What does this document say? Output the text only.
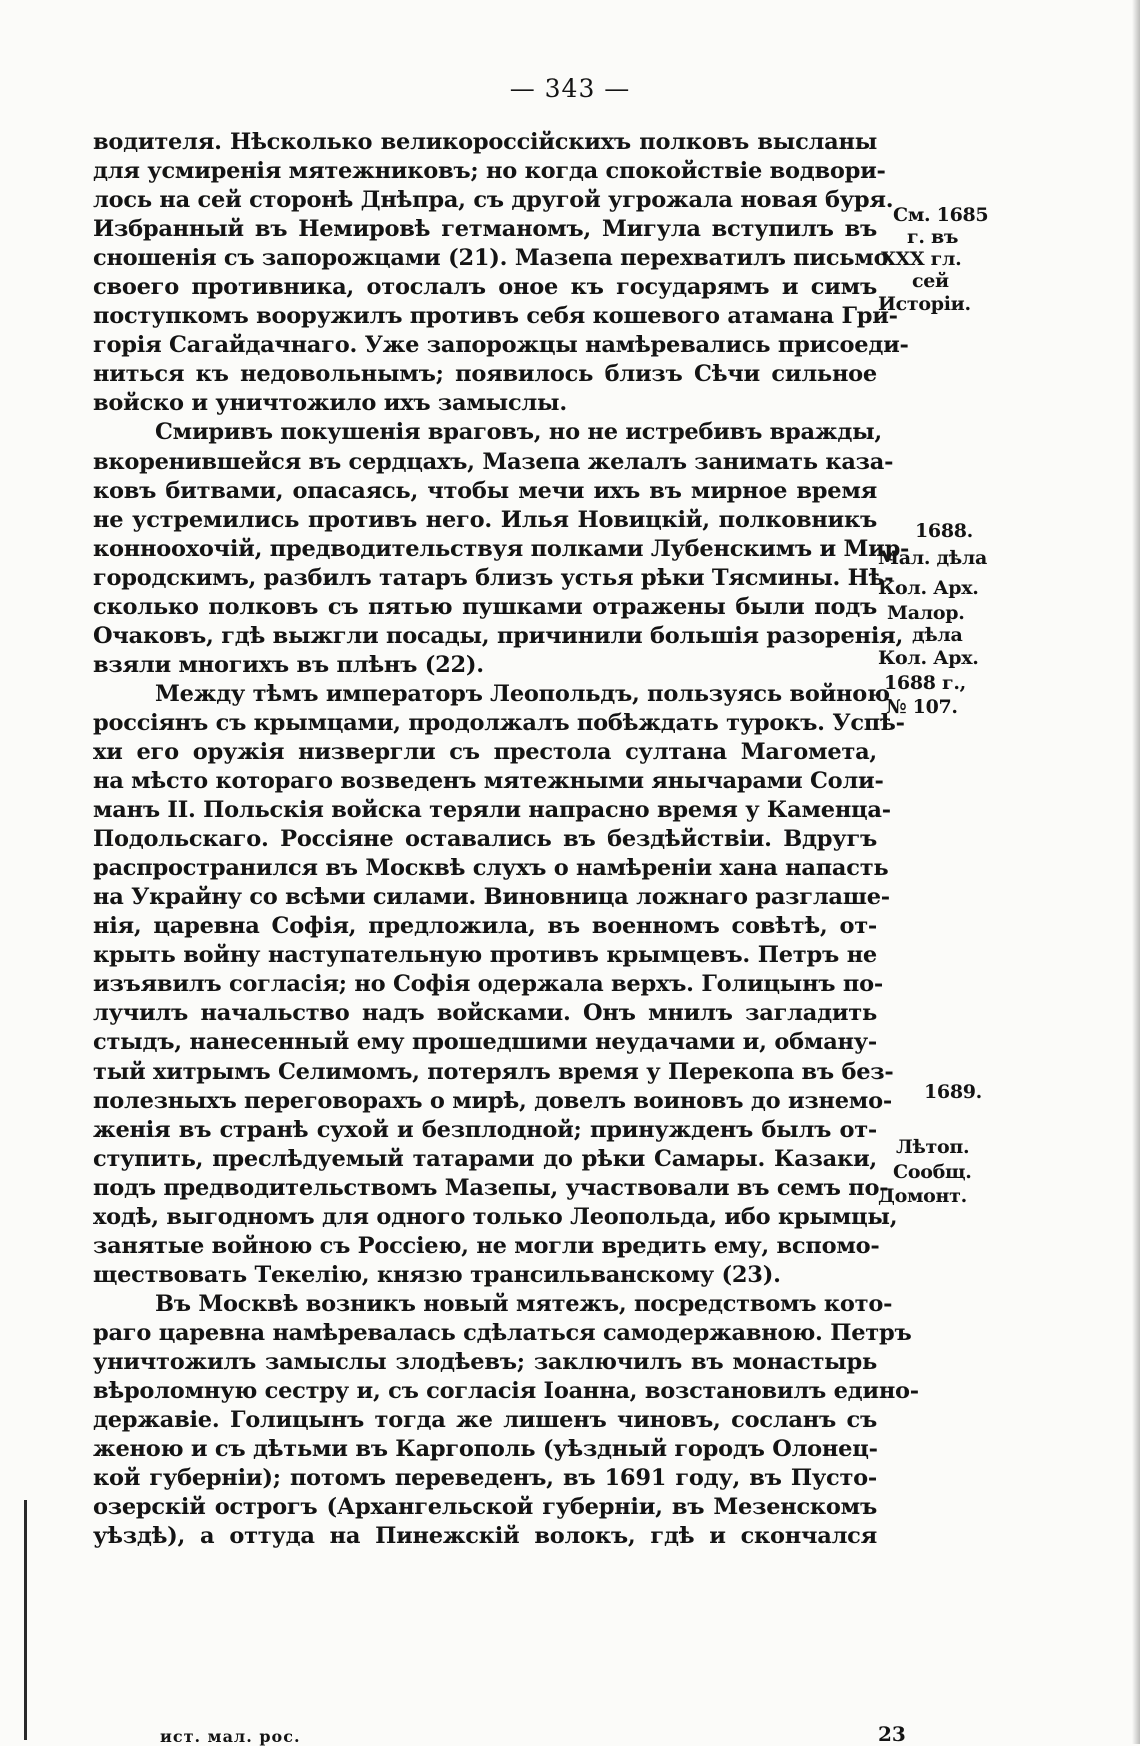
— 343 —
водителя. Нѣсколько великороссійскихъ полковъ высланы
для усмиренія мятежниковъ; но когда спокойствіе водвори-
лось на сей сторонѣ Днѣпра, съ другой угрожала новая буря.
Избранный въ Немировѣ гетманомъ, Мигула вступилъ въ
сношенія съ запорожцами (21). Мазепа перехватилъ письмо
своего противника, отослалъ оное къ государямъ и симъ
поступкомъ вооружилъ противъ себя кошевого атамана Гри-
горія Сагайдачнаго. Уже запорожцы намѣревались присоеди-
ниться къ недовольнымъ; появилось близъ Сѣчи сильное
войско и уничтожило ихъ замыслы.
Смиривъ покушенія враговъ, но не истребивъ вражды,
вкоренившейся въ сердцахъ, Мазепа желалъ занимать каза-
ковъ битвами, опасаясь, чтобы мечи ихъ въ мирное время
не устремились противъ него. Илья Новицкій, полковникъ
конноохочій, предводительствуя полками Лубенскимъ и Мир-
городскимъ, разбилъ татаръ близъ устья рѣки Тясмины. Нѣ-
сколько полковъ съ пятью пушками отражены были подъ
Очаковъ, гдѣ выжгли посады, причинили большія разоренія,
взяли многихъ въ плѣнъ (22).
Между тѣмъ императоръ Леопольдъ, пользуясь войною
россіянъ съ крымцами, продолжалъ побѣждать турокъ. Успѣ-
хи его оружія низвергли съ престола султана Магомета,
на мѣсто котораго возведенъ мятежными янычарами Соли-
манъ II. Польскія войска теряли напрасно время у Каменца-
Подольскаго. Россіяне оставались въ бездѣйствіи. Вдругъ
распространился въ Москвѣ слухъ о намѣреніи хана напасть
на Украйну со всѣми силами. Виновница ложнаго разглаше-
нія, царевна Софія, предложила, въ военномъ совѣтѣ, от-
крыть войну наступательную противъ крымцевъ. Петръ не
изъявилъ согласія; но Софія одержала верхъ. Голицынъ по-
лучилъ начальство надъ войсками. Онъ мнилъ загладить
стыдъ, нанесенный ему прошедшими неудачами и, обману-
тый хитрымъ Селимомъ, потерялъ время у Перекопа въ без-
полезныхъ переговорахъ о мирѣ, довелъ воиновъ до изнемо-
женія въ странѣ сухой и безплодной; принужденъ былъ от-
ступить, преслѣдуемый татарами до рѣки Самары. Казаки,
подъ предводительствомъ Мазепы, участвовали въ семъ по-
ходѣ, выгодномъ для одного только Леопольда, ибо крымцы,
занятые войною съ Россіею, не могли вредить ему, вспомо-
ществовать Текелію, князю трансильванскому (23).
Въ Москвѣ возникъ новый мятежъ, посредствомъ кото-
раго царевна намѣревалась сдѣлаться самодержавною. Петръ
уничтожилъ замыслы злодѣевъ; заключилъ въ монастырь
вѣроломную сестру и, съ согласія Іоанна, возстановилъ едино-
державіе. Голицынъ тогда же лишенъ чиновъ, сосланъ съ
женою и съ дѣтьми въ Каргополь (уѣздный городъ Олонец-
кой губерніи); потомъ переведенъ, въ 1691 году, въ Пусто-
озерскій острогъ (Архангельской губерніи, въ Мезенскомъ
уѣздѣ), а оттуда на Пинежскій волокъ, гдѣ и скончался
См. 1685
г. въ
XXX гл.
сей
Исторіи.
1688.
Мал. дѣла
Кол. Арх.
Малор.
дѣла
Кол. Арх.
1688 г.,
№ 107.
1689.
Лѣтоп.
Сообщ.
Домонт.
ист. мал. рос.	23
